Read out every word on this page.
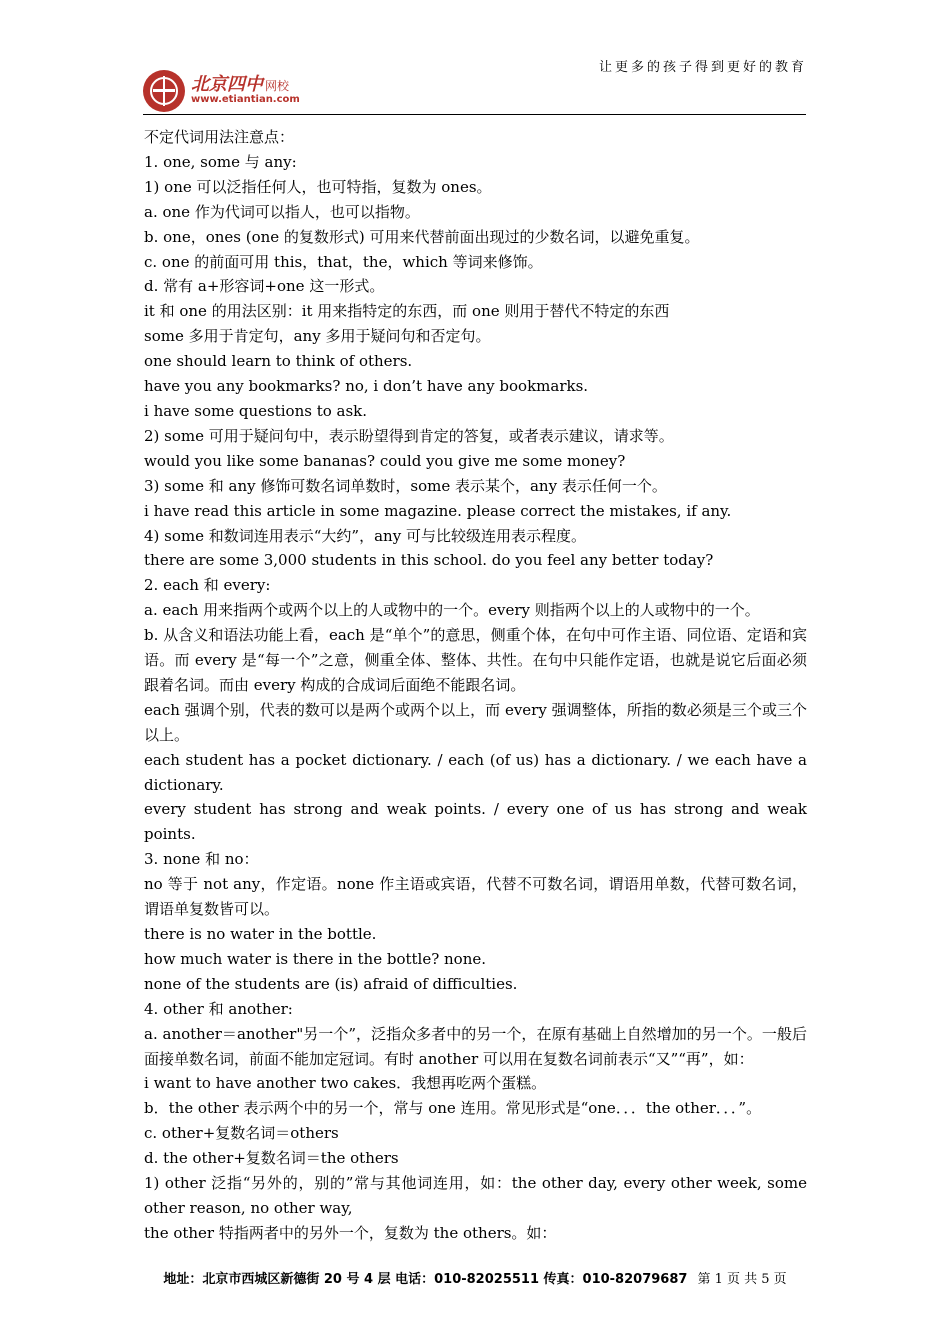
让更多的孩子得到更好的教育
北京四中 网校
www.etiantian.com

不定代词用法注意点：

1. one, some 与 any:

1) one 可以泛指任何人，也可特指，复数为 ones。

a. one 作为代词可以指人，也可以指物。

b. one，ones (one 的复数形式) 可用来代替前面出现过的少数名词，以避免重复。

c. one 的前面可用 this，that，the，which 等词来修饰。

d. 常有 a+形容词+one 这一形式。

it 和 one 的用法区别：it 用来指特定的东西，而 one 则用于替代不特定的东西

some 多用于肯定句，any 多用于疑问句和否定句。

one should learn to think of others.

have you any bookmarks? no, i don’t have any bookmarks.

i have some questions to ask.

2) some 可用于疑问句中，表示盼望得到肯定的答复，或者表示建议，请求等。

would you like some bananas? could you give me some money?

3) some 和 any 修饰可数名词单数时，some 表示某个，any 表示任何一个。

i have read this article in some magazine. please correct the mistakes, if any.

4) some 和数词连用表示“大约”，any 可与比较级连用表示程度。

there are some 3,000 students in this school. do you feel any better today?

2. each 和 every:

a. each 用来指两个或两个以上的人或物中的一个。every 则指两个以上的人或物中的一个。

b. 从含义和语法功能上看，each 是“单个”的意思，侧重个体，在句中可作主语、同位语、定语和宾语。而 every 是“每一个”之意，侧重全体、整体、共性。在句中只能作定语，也就是说它后面必须跟着名词。而由 every 构成的合成词后面绝不能跟名词。

each 强调个别，代表的数可以是两个或两个以上，而 every 强调整体，所指的数必须是三个或三个以上。

each student has a pocket dictionary. / each (of us) has a dictionary. / we each have a dictionary.

every student has strong and weak points. / every one of us has strong and weak points.

3. none 和 no：

no 等于 not any，作定语。none 作主语或宾语，代替不可数名词，谓语用单数，代替可数名词，谓语单复数皆可以。

there is no water in the bottle.

how much water is there in the bottle? none.

none of the students are (is) afraid of difficulties.

4. other 和 another:

a. another＝another"另一个”，泛指众多者中的另一个，在原有基础上自然增加的另一个。一般后面接单数名词，前面不能加定冠词。有时 another 可以用在复数名词前表示“又”“再”，如：

i want to have another two cakes．我想再吃两个蛋糕。

b．the other 表示两个中的另一个，常与 one 连用。常见形式是“one．．．the other．．．”。

c. other+复数名词＝others

d. the other+复数名词＝the others

1) other 泛指“另外的，别的”常与其他词连用，如：the other day, every other week, some other reason, no other way,

the other 特指两者中的另外一个，复数为 the others。如：

地址：北京市西城区新德街 20 号 4 层 电话：010-82025511 传真：010-82079687 第 1 页 共 5 页
